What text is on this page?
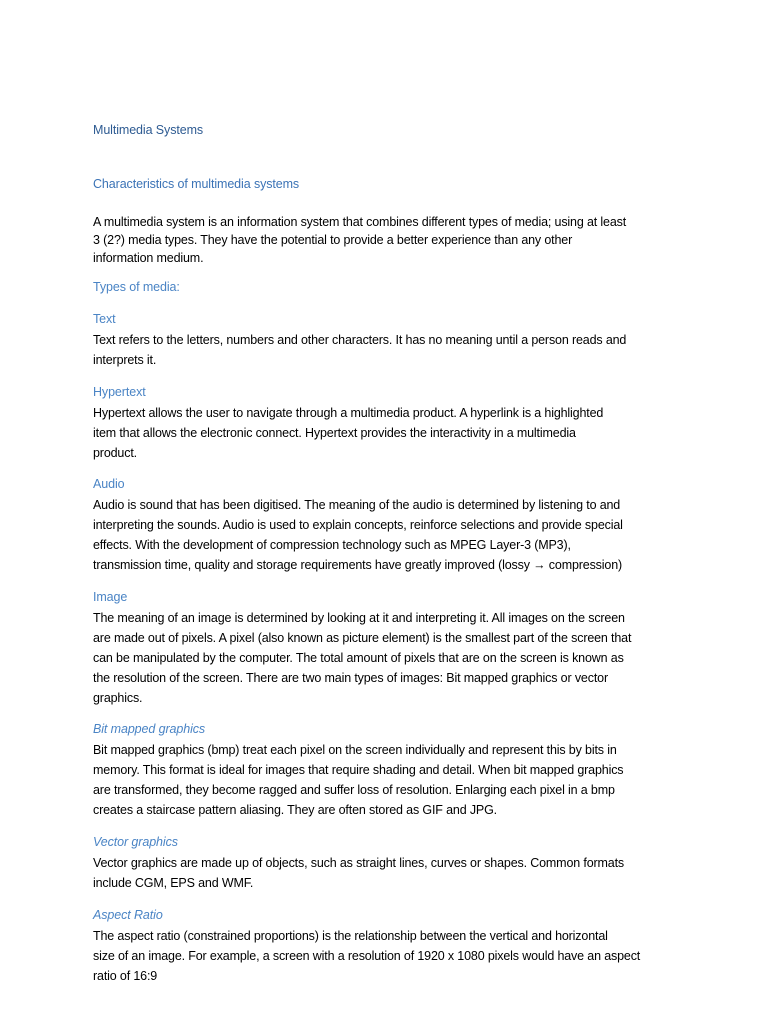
Multimedia Systems
Characteristics of multimedia systems
A multimedia system is an information system that combines different types of media; using at least
3 (2?) media types. They have the potential to provide a better experience than any other
information medium.
Types of media:
Text
Text refers to the letters, numbers and other characters. It has no meaning until a person reads and
interprets it.
Hypertext
Hypertext allows the user to navigate through a multimedia product. A hyperlink is a highlighted
item that allows the electronic connect. Hypertext provides the interactivity in a multimedia
product.
Audio
Audio is sound that has been digitised. The meaning of the audio is determined by listening to and
interpreting the sounds. Audio is used to explain concepts, reinforce selections and provide special
effects. With the development of compression technology such as MPEG Layer-3 (MP3),
transmission time, quality and storage requirements have greatly improved (lossy → compression)
Image
The meaning of an image is determined by looking at it and interpreting it. All images on the screen
are made out of pixels. A pixel (also known as picture element) is the smallest part of the screen that
can be manipulated by the computer. The total amount of pixels that are on the screen is known as
the resolution of the screen. There are two main types of images: Bit mapped graphics or vector
graphics.
Bit mapped graphics
Bit mapped graphics (bmp) treat each pixel on the screen individually and represent this by bits in
memory. This format is ideal for images that require shading and detail. When bit mapped graphics
are transformed, they become ragged and suffer loss of resolution. Enlarging each pixel in a bmp
creates a staircase pattern aliasing. They are often stored as GIF and JPG.
Vector graphics
Vector graphics are made up of objects, such as straight lines, curves or shapes. Common formats
include CGM, EPS and WMF.
Aspect Ratio
The aspect ratio (constrained proportions) is the relationship between the vertical and horizontal
size of an image. For example, a screen with a resolution of 1920 x 1080 pixels would have an aspect
ratio of 16:9
